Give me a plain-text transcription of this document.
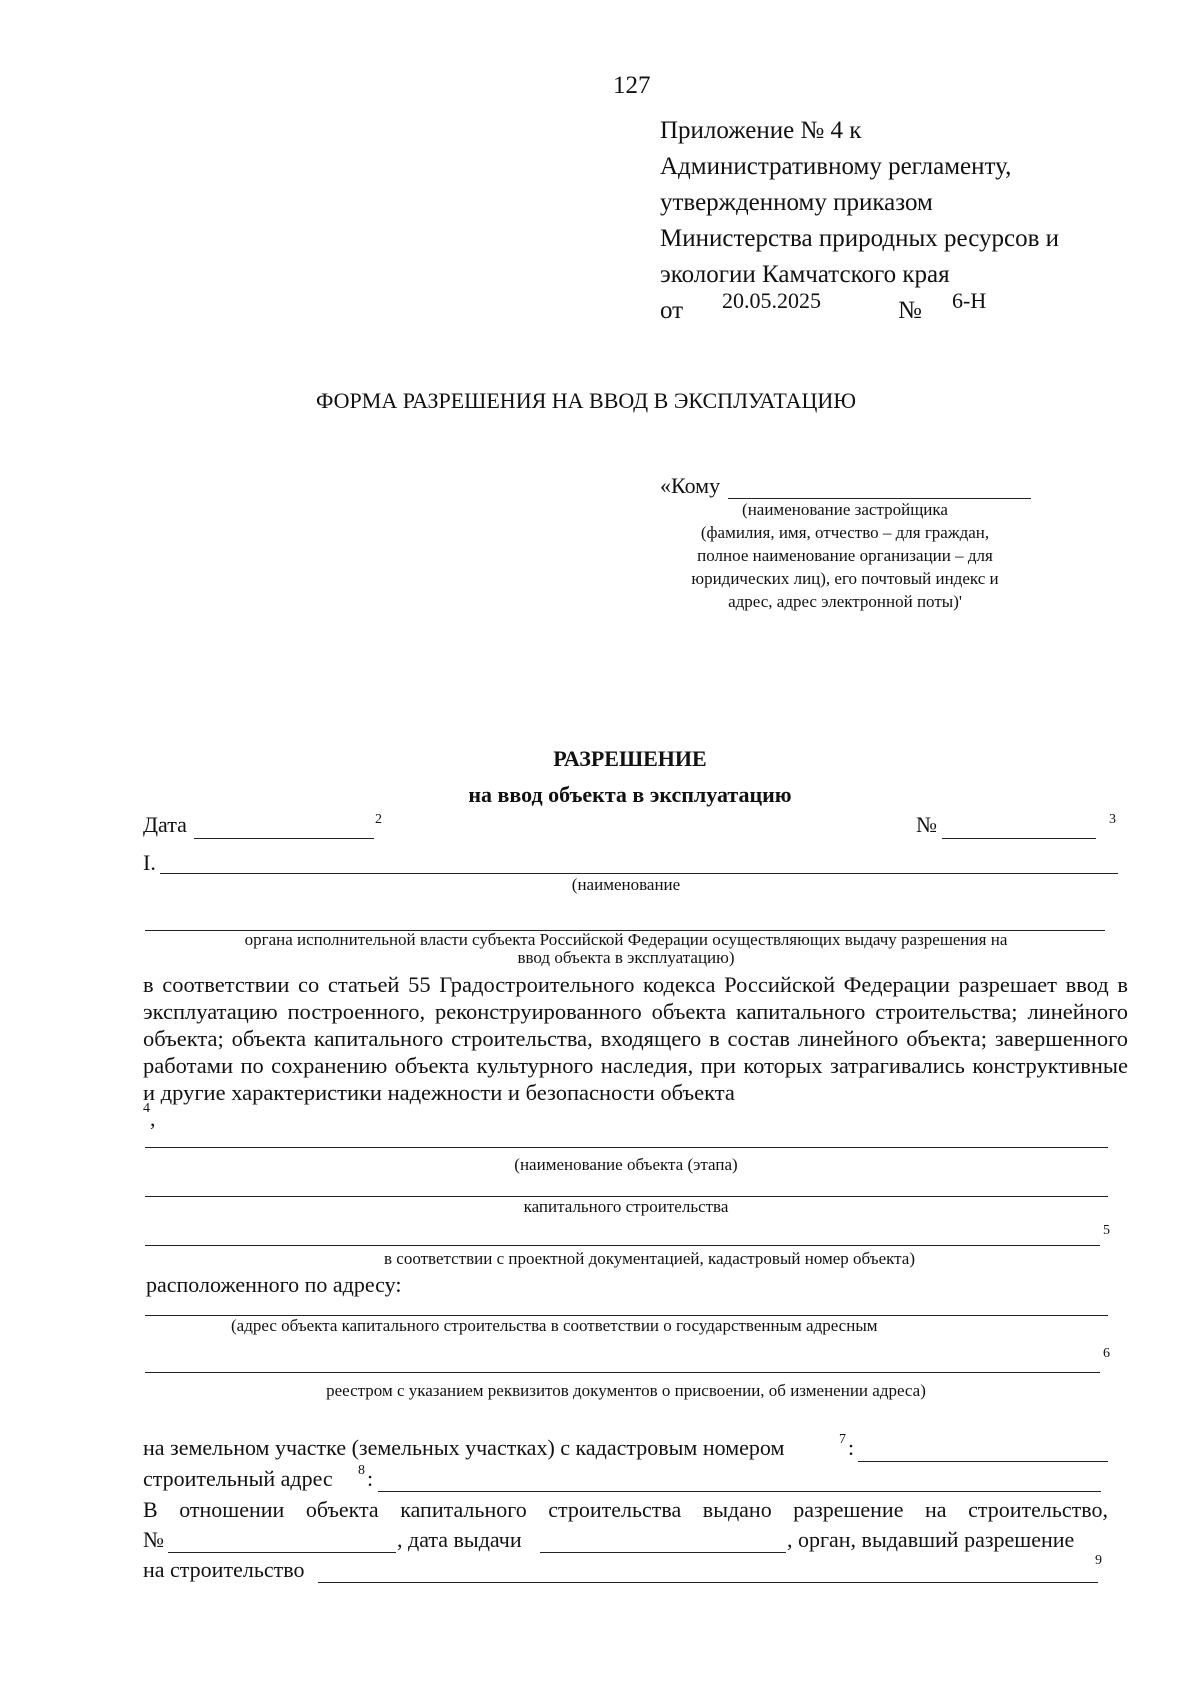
127
Приложение № 4 к
Административному регламенту,
утвержденному приказом
Министерства природных ресурсов и
экологии Камчатского края
от 20.05.2025	№ 6-Н
ФОРМА РАЗРЕШЕНИЯ НА ВВОД В ЭКСПЛУАТАЦИЮ
«Кому
(наименование застройщика
(фамилия, имя, отчество – для граждан,
полное наименование организации – для
юридических лиц), его почтовый индекс и
адрес, адрес электронной поты)'
РАЗРЕШЕНИЕ
на ввод объекта в эксплуатацию
Дата	2	№	3
I.
(наименование
органа исполнительной власти субъекта Российской Федерации осуществляющих выдачу разрешения на
ввод объекта в эксплуатацию)
в соответствии со статьей 55 Градостроительного кодекса Российской Федерации разрешает ввод в эксплуатацию построенного, реконструированного объекта капитального строительства; линейного объекта; объекта капитального строительства, входящего в состав линейного объекта; завершенного работами по сохранению объекта культурного наследия, при которых затрагивались конструктивные и другие характеристики надежности и безопасности объекта
4 ,
(наименование объекта (этапа)
капитального строительства
5
в соответствии с проектной документацией, кадастровый номер объекта)
расположенного по адресу:
(адрес объекта капитального строительства в соответствии о государственным адресным
6
реестром с указанием реквизитов документов о присвоении, об изменении адреса)
на земельном участке (земельных участках) с кадастровым номером	7 :
строительный адрес 8 :
В отношении объекта капитального строительства выдано разрешение на строительство,
№	, дата выдачи	, орган, выдавший разрешение
на строительство	9
